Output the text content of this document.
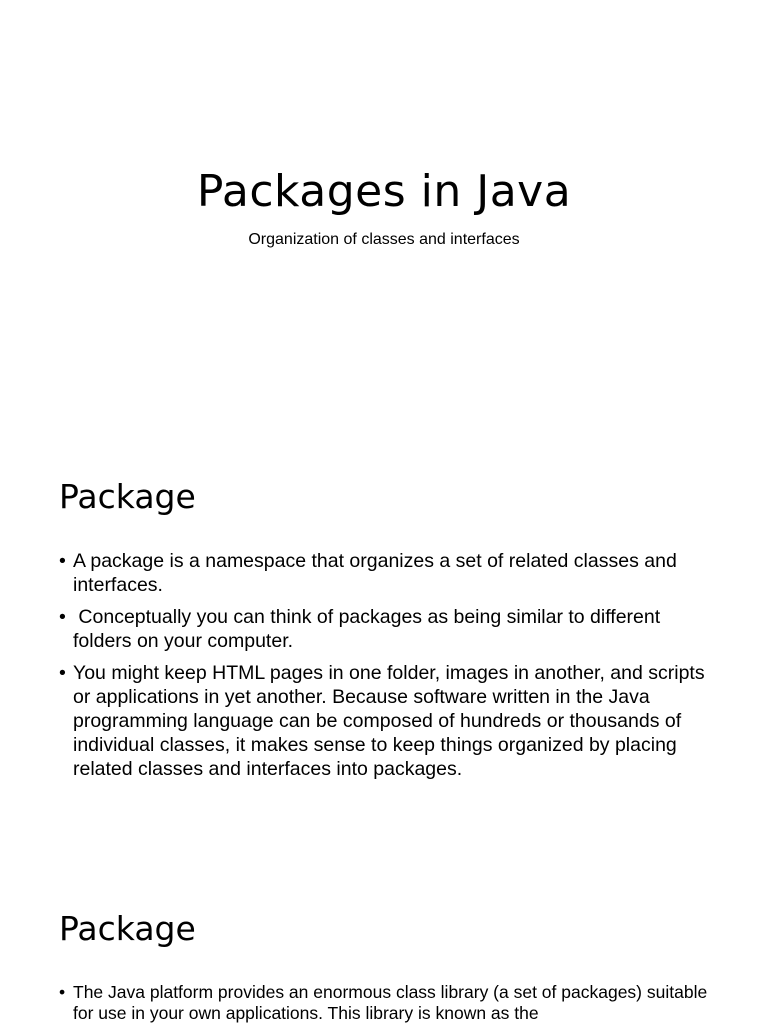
Packages in Java
Organization of classes and interfaces
Package
• A package is a namespace that organizes a set of related classes and interfaces.
• Conceptually you can think of packages as being similar to different folders on your computer.
• You might keep HTML pages in one folder, images in another, and scripts or applications in yet another. Because software written in the Java programming language can be composed of hundreds or thousands of individual classes, it makes sense to keep things organized by placing related classes and interfaces into packages.
Package
• The Java platform provides an enormous class library (a set of packages) suitable for use in your own applications. This library is known as the
